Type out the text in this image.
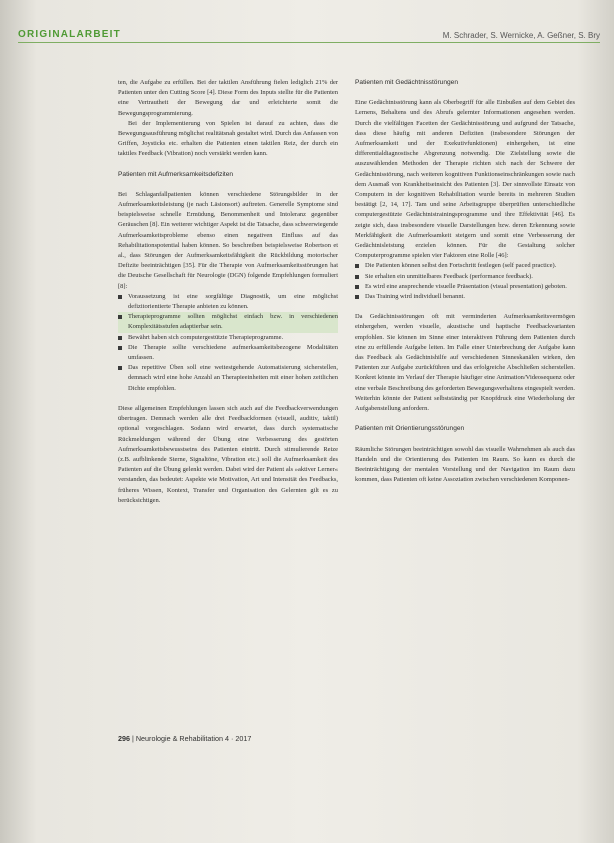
ORIGINALARBEIT	M. Schrader, S. Wernicke, A. Geßner, S. Bry

ten, die Aufgabe zu erfüllen. Bei der taktilen Ansführung fielen lediglich 21% der Patienten unter den Cutting Score [4]. Diese Form des Inputs stellte für die Patienten eine Vertrautheit der Bewegung dar und erleichterte somit die Bewegungsprogrammierung.

Bei der Implementierung von Spielen ist darauf zu achten, dass die Bewegungsausführung möglichst realitätsnah gestaltet wird. Durch das Anfassen von Griffen, Joysticks etc. erhalten die Patienten einen taktilen Reiz, der durch ein taktiles Feedback (Vibration) noch verstärkt werden kann.

Patienten mit Aufmerksamkeitsdefiziten

Bei Schlaganfallpatienten können verschiedene Störungsbilder in der Aufmerksamkeitsleistung (je nach Läsionsort) auftreten. Generelle Symptome sind beispielsweise schnelle Ermüdung, Benommenheit und Intoleranz gegenüber Geräuschen [8]. Ein weiterer wichtiger Aspekt ist die Tatsache, dass schwerwiegende Aufmerksamkeitsprobleme ebenso einen negativen Einfluss auf das Rehabilitationspotential haben können. So beschreiben beispielsweise Robertson et al., dass Störungen der Aufmerksamkeitsfähigkeit die Rückbildung motorischer Defizite beeinträchtigen [35]. Für die Therapie von Aufmerksamkeitsstörungen hat die Deutsche Gesellschaft für Neurologie (DGN) folgende Empfehlungen formuliert [8]:

Voraussetzung ist eine sorgfältige Diagnostik, um eine möglichst defizitorientierte Therapie anbieten zu können.
Therapieprogramme sollten möglichst einfach bzw. in verschiedenen Komplexitätsstufen adaptierbar sein.
Bewährt haben sich computergestützte Therapieprogramme.
Die Therapie sollte verschiedene aufmerksamkeitsbezogene Modalitäten umfassen.
Das repetitive Üben soll eine weitestgehende Automatisierung sicherstellen, demnach wird eine hohe Anzahl an Therapieeinheiten mit einer hohen zeitlichen Dichte empfohlen.

Diese allgemeinen Empfehlungen lassen sich auch auf die Feedbackverwendungen übertragen. Demnach werden alle drei Feedbackformen (visuell, auditiv, taktil) optional vorgeschlagen. Sodann wird erwartet, dass durch systematische Rückmeldungen während der Übung eine Verbesserung des gestörten Aufmerksamkeitsbewusstseins des Patienten eintritt. Durch stimulierende Reize (z.B. aufblinkende Sterne, Signaltöne, Vibration etc.) soll die Aufmerksamkeit des Patienten auf die Übung gelenkt werden. Dabei wird der Patient als »aktiver Lerner« verstanden, das bedeutet: Aspekte wie Motivation, Art und Intensität des Feedbacks, früheres Wissen, Kontext, Transfer und Organisation des Gelernten gilt es zu berücksichtigen.

Patienten mit Gedächtnisstörungen

Eine Gedächtnisstörung kann als Oberbegriff für alle Einbußen auf dem Gebiet des Lernens, Behaltens und des Abrufs gelernter Informationen angesehen werden. Durch die vielfältigen Facetten der Gedächtnisstörung und aufgrund der Tatsache, dass diese häufig mit anderen Defiziten (insbesondere Störungen der Aufmerksamkeit und der Exekutivfunktionen) einhergehen, ist eine differentialdiagnostische Abgrenzung notwendig. Die Zielstellung sowie die auszuwählenden Methoden der Therapie richten sich nach der Schwere der Gedächtnisstörung, nach weiteren kognitiven Funktionseinschränkungen sowie nach dem Ausmaß von Krankheitseinsicht des Patienten [3]. Der sinnvollste Einsatz von Computern in der kognitiven Rehabilitation wurde bereits in mehreren Studien bestätigt [2, 14, 17]. Tam und seine Arbeitsgruppe überprüften unterschiedliche computergestützte Gedächtnistrainingsprogramme und ihre Effektivität [46]. Es zeigte sich, dass insbesondere visuelle Darstellungen bzw. deren Erkennung sowie Merkfähigkeit die Aufmerksamkeit steigern und somit eine Verbesserung der Gedächtnisleistung erzielen können. Für die Gestaltung solcher Computerprogramme spielen vier Faktoren eine Rolle [46]:

Die Patienten können selbst den Fortschritt festlegen (self paced practice).
Sie erhalten ein unmittelbares Feedback (performance feedback).
Es wird eine ansprechende visuelle Präsentation (visual presentation) geboten.
Das Training wird individuell benannt.

Da Gedächtnisstörungen oft mit verminderten Aufmerksamkeitsvermögen einhergehen, werden visuelle, akustische und haptische Feedbackvarianten empfohlen. Sie können im Sinne einer interaktiven Führung dem Patienten durch eine zu erfüllende Aufgabe leiten. Im Falle einer Unterbrechung der Aufgabe kann das Feedback als Gedächtnishilfe auf verschiedenen Sinneskanälen wirken, den Patienten zur Aufgabe zurückführen und das erfolgreiche Abschließen sicherstellen. Konkret könnte im Verlauf der Therapie häufiger eine Animation/Videosequenz oder eine verbale Beschreibung des geforderten Bewegungsverhaltens eingespielt werden. Weiterhin könnte der Patient selbstständig per Knopfdruck eine Wiederholung der Aufgabenstellung anfordern.

Patienten mit Orientierungsstörungen

Räumliche Störungen beeinträchtigen sowohl das visuelle Wahrnehmen als auch das Handeln und die Orientierung des Patienten im Raum. So kann es durch die Beeinträchtigung der mentalen Vorstellung und der Navigation im Raum dazu kommen, dass Patienten oft keine Assoziation zwischen verschiedenen Komponen-

296 | Neurologie & Rehabilitation 4 · 2017
